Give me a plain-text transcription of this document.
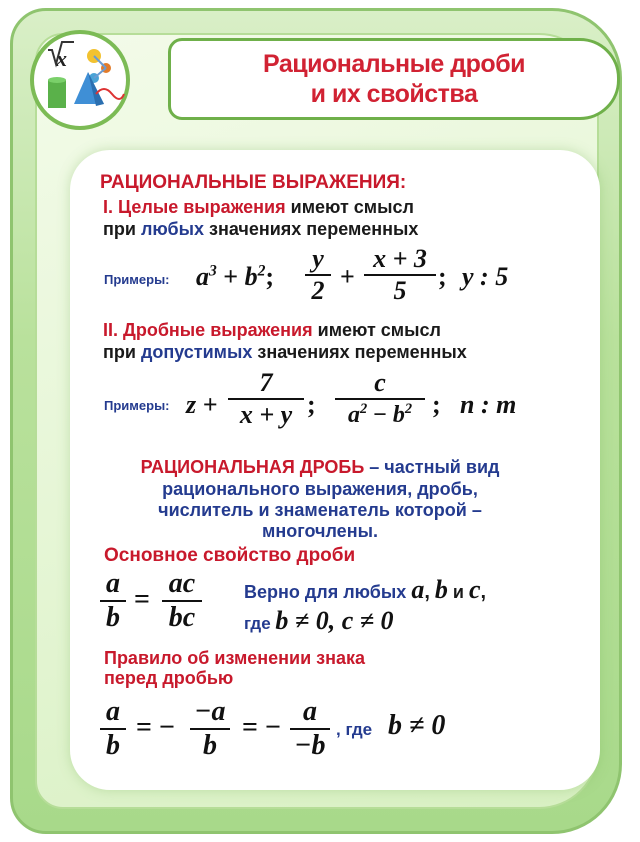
x	Рациональные дроби
и их свойства
РАЦИОНАЛЬНЫЕ ВЫРАЖЕНИЯ:
I. Целые выражения имеют смысл
при любых значениях переменных
Примеры: $a^3 + b^2$;
y
2 +
x + 3
5 ; y : 5
II. Дробные выражения имеют смысл
при допустимых значениях переменных
Примеры: z +
7
x + y ;
c
$a^2 - b^2$ ; n : m
РАЦИОНАЛЬНАЯ ДРОБЬ – частный вид
рационального выражения, дробь,
числитель и знаменатель которой –
многочлены.
Основное свойство дроби
a
b
=
ac
bc
Верно для любых a, b и c,
где b ≠ 0, c ≠ 0
Правило об изменении знака
перед дробью
a
b
= −
−a
b
= −
a
−b
, где b ≠ 0
